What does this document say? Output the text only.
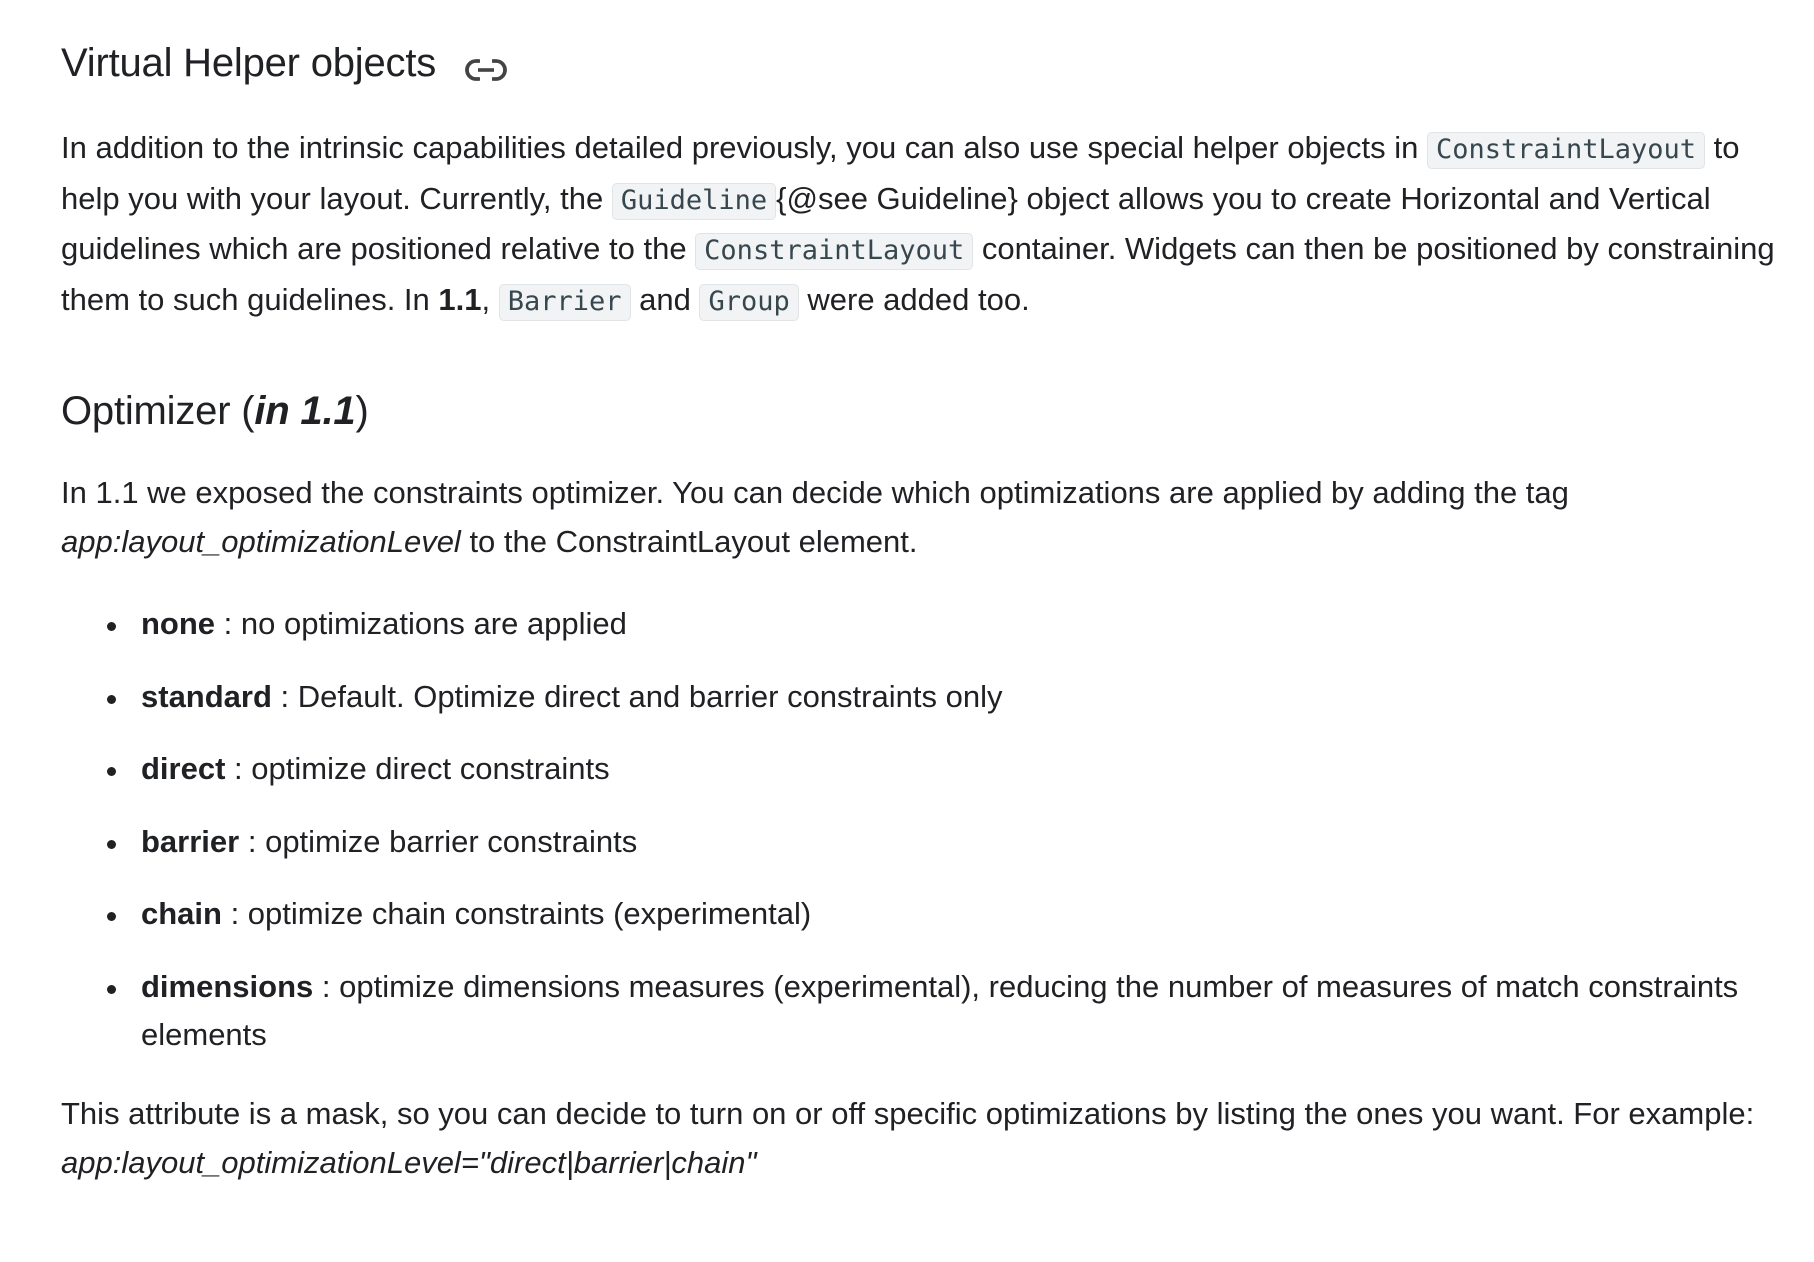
Virtual Helper objects

In addition to the intrinsic capabilities detailed previously, you can also use special helper objects in ConstraintLayout to help you with your layout. Currently, the Guideline {@see Guideline} object allows you to create Horizontal and Vertical guidelines which are positioned relative to the ConstraintLayout container. Widgets can then be positioned by constraining them to such guidelines. In 1.1, Barrier and Group were added too.

Optimizer (in 1.1)

In 1.1 we exposed the constraints optimizer. You can decide which optimizations are applied by adding the tag app:layout_optimizationLevel to the ConstraintLayout element.

none : no optimizations are applied
standard : Default. Optimize direct and barrier constraints only
direct : optimize direct constraints
barrier : optimize barrier constraints
chain : optimize chain constraints (experimental)
dimensions : optimize dimensions measures (experimental), reducing the number of measures of match constraints elements

This attribute is a mask, so you can decide to turn on or off specific optimizations by listing the ones you want. For example: app:layout_optimizationLevel="direct|barrier|chain"
